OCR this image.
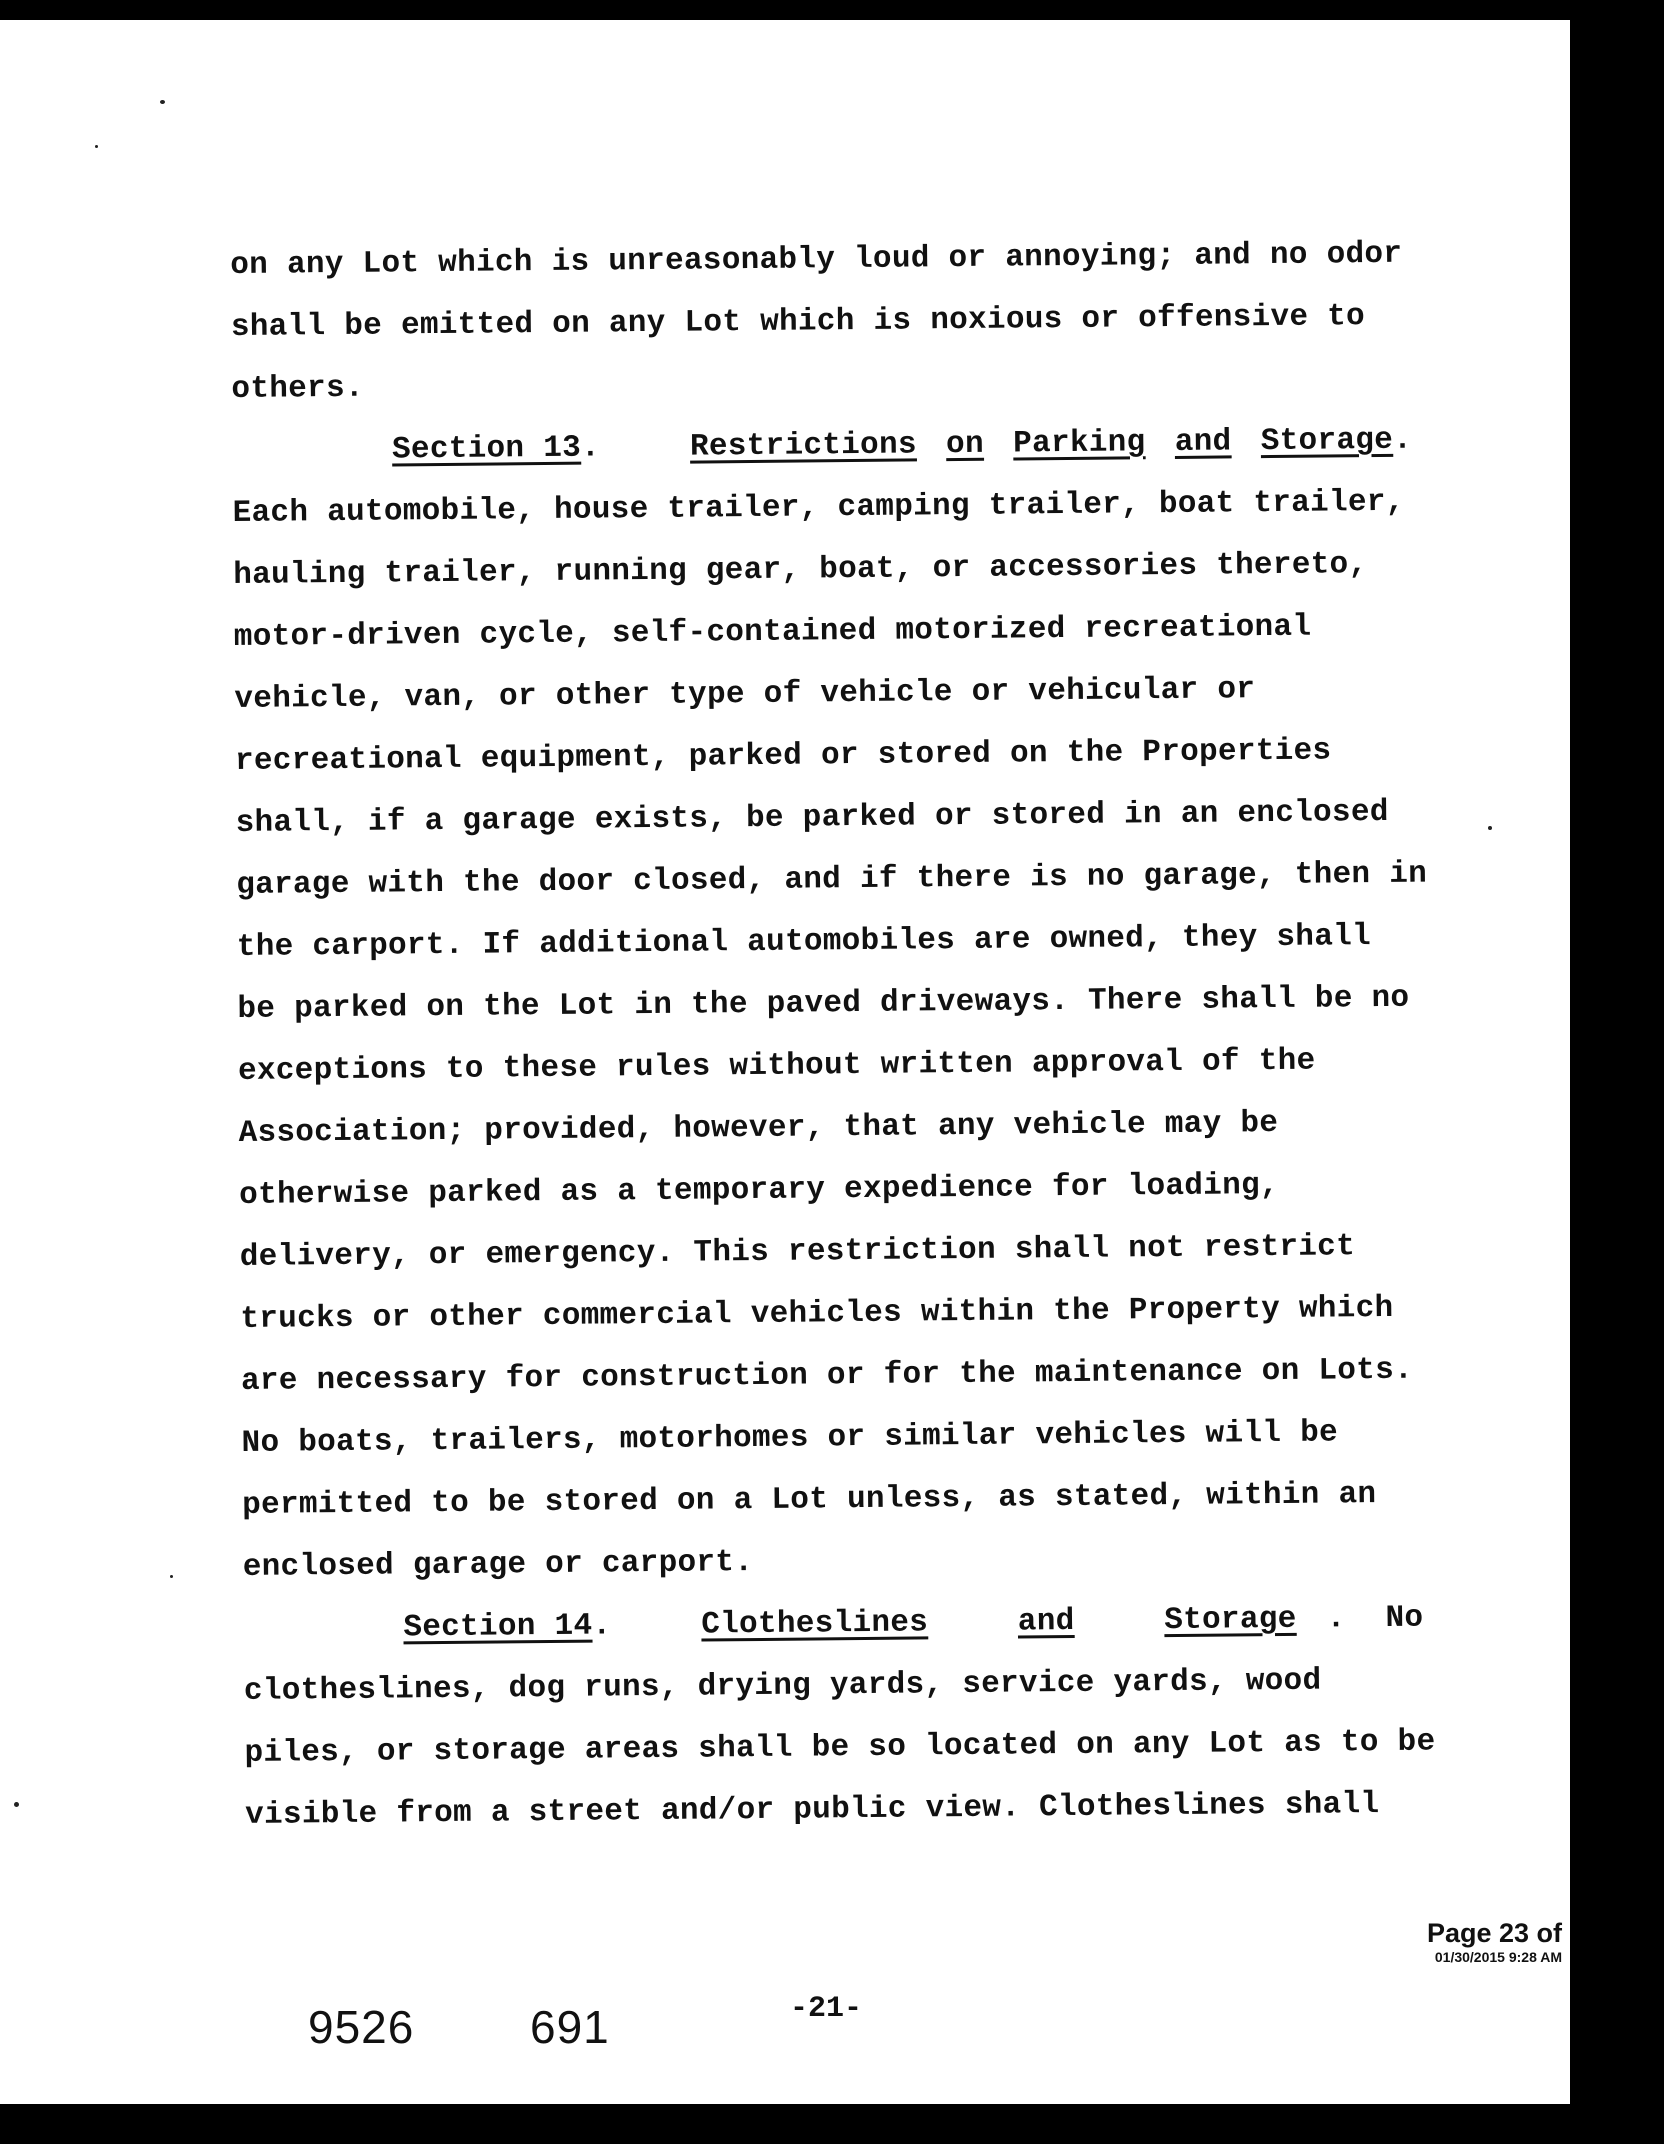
on any Lot which is unreasonably loud or annoying; and no odor
shall be emitted on any Lot which is noxious or offensive to
others.
Section 13 .	Restrictions on Parking and Storage .
Each automobile, house trailer, camping trailer, boat trailer,
hauling trailer, running gear, boat, or accessories thereto,
motor-driven cycle, self-contained motorized recreational
vehicle, van, or other type of vehicle or vehicular or
recreational equipment, parked or stored on the Properties
shall, if a garage exists, be parked or stored in an enclosed
garage with the door closed, and if there is no garage, then in
the carport. If additional automobiles are owned, they shall
be parked on the Lot in the paved driveways. There shall be no
exceptions to these rules without written approval of the
Association; provided, however, that any vehicle may be
otherwise parked as a temporary expedience for loading,
delivery, or emergency. This restriction shall not restrict
trucks or other commercial vehicles within the Property which
are necessary for construction or for the maintenance on Lots.
No boats, trailers, motorhomes or similar vehicles will be
permitted to be stored on a Lot unless, as stated, within an
enclosed garage or carport.
Section 14 .	Clotheslines	and	Storage . No
clotheslines, dog runs, drying yards, service yards, wood
piles, or storage areas shall be so located on any Lot as to be
visible from a street and/or public view. Clotheslines shall
Page 23 of
01/30/2015 9:28 AM
9526	691	-21-
